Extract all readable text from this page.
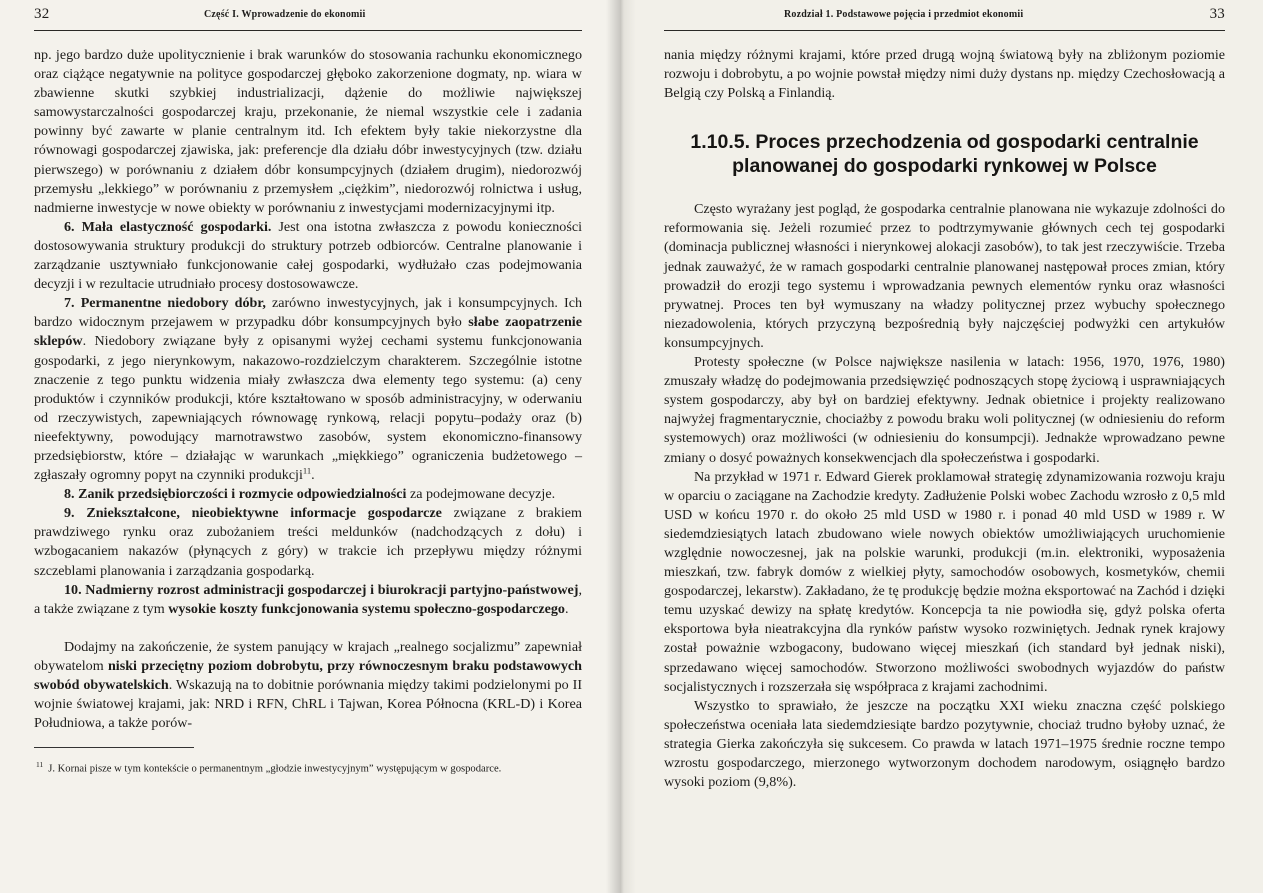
32	Część I. Wprowadzenie do ekonomii

np. jego bardzo duże upolitycznienie i brak warunków do stosowania rachunku ekonomicznego oraz ciążące negatywnie na polityce gospodarczej głęboko zakorzenione dogmaty, np. wiara w zbawienne skutki szybkiej industrializacji, dążenie do możliwie największej samowystarczalności gospodarczej kraju, przekonanie, że niemal wszystkie cele i zadania powinny być zawarte w planie centralnym itd. Ich efektem były takie niekorzystne dla równowagi gospodarczej zjawiska, jak: preferencje dla działu dóbr inwestycyjnych (tzw. działu pierwszego) w porównaniu z działem dóbr konsumpcyjnych (działem drugim), niedorozwój przemysłu „lekkiego” w porównaniu z przemysłem „ciężkim”, niedorozwój rolnictwa i usług, nadmierne inwestycje w nowe obiekty w porównaniu z inwestycjami modernizacyjnymi itp.

6. Mała elastyczność gospodarki. Jest ona istotna zwłaszcza z powodu konieczności dostosowywania struktury produkcji do struktury potrzeb odbiorców. Centralne planowanie i zarządzanie usztywniało funkcjonowanie całej gospodarki, wydłużało czas podejmowania decyzji i w rezultacie utrudniało procesy dostosowawcze.

7. Permanentne niedobory dóbr, zarówno inwestycyjnych, jak i konsumpcyjnych. Ich bardzo widocznym przejawem w przypadku dóbr konsumpcyjnych było słabe zaopatrzenie sklepów. Niedobory związane były z opisanymi wyżej cechami systemu funkcjonowania gospodarki, z jego nierynkowym, nakazowo-rozdzielczym charakterem. Szczególnie istotne znaczenie z tego punktu widzenia miały zwłaszcza dwa elementy tego systemu: (a) ceny produktów i czynników produkcji, które kształtowano w sposób administracyjny, w oderwaniu od rzeczywistych, zapewniających równowagę rynkową, relacji popytu–podaży oraz (b) nieefektywny, powodujący marnotrawstwo zasobów, system ekonomiczno-finansowy przedsiębiorstw, które – działając w warunkach „miękkiego” ograniczenia budżetowego – zgłaszały ogromny popyt na czynniki produkcji$^{11}$.

8. Zanik przedsiębiorczości i rozmycie odpowiedzialności za podejmowane decyzje.

9. Zniekształcone, nieobiektywne informacje gospodarcze związane z brakiem prawdziwego rynku oraz zubożaniem treści meldunków (nadchodzących z dołu) i wzbogacaniem nakazów (płynących z góry) w trakcie ich przepływu między różnymi szczeblami planowania i zarządzania gospodarką.

10. Nadmierny rozrost administracji gospodarczej i biurokracji partyjno-państwowej, a także związane z tym wysokie koszty funkcjonowania systemu społeczno-gospodarczego.

Dodajmy na zakończenie, że system panujący w krajach „realnego socjalizmu” zapewniał obywatelom niski przeciętny poziom dobrobytu, przy równoczesnym braku podstawowych swobód obywatelskich. Wskazują na to dobitnie porównania między takimi podzielonymi po II wojnie światowej krajami, jak: NRD i RFN, ChRL i Tajwan, Korea Północna (KRL-D) i Korea Południowa, a także porów-

$^{11}$ J. Kornai pisze w tym kontekście o permanentnym „głodzie inwestycyjnym” występującym w gospodarce.
Rozdział 1. Podstawowe pojęcia i przedmiot ekonomii	33

nania między różnymi krajami, które przed drugą wojną światową były na zbliżonym poziomie rozwoju i dobrobytu, a po wojnie powstał między nimi duży dystans np. między Czechosłowacją a Belgią czy Polską a Finlandią.

1.10.5. Proces przechodzenia od gospodarki centralnie
planowanej do gospodarki rynkowej w Polsce

Często wyrażany jest pogląd, że gospodarka centralnie planowana nie wykazuje zdolności do reformowania się. Jeżeli rozumieć przez to podtrzymywanie głównych cech tej gospodarki (dominacja publicznej własności i nierynkowej alokacji zasobów), to tak jest rzeczywiście. Trzeba jednak zauważyć, że w ramach gospodarki centralnie planowanej następował proces zmian, który prowadził do erozji tego systemu i wprowadzania pewnych elementów rynku oraz własności prywatnej. Proces ten był wymuszany na władzy politycznej przez wybuchy społecznego niezadowolenia, których przyczyną bezpośrednią były najczęściej podwyżki cen artykułów konsumpcyjnych.

Protesty społeczne (w Polsce największe nasilenia w latach: 1956, 1970, 1976, 1980) zmuszały władzę do podejmowania przedsięwzięć podnoszących stopę życiową i usprawniających system gospodarczy, aby był on bardziej efektywny. Jednak obietnice i projekty realizowano najwyżej fragmentarycznie, chociażby z powodu braku woli politycznej (w odniesieniu do reform systemowych) oraz możliwości (w odniesieniu do konsumpcji). Jednakże wprowadzano pewne zmiany o dosyć poważnych konsekwencjach dla społeczeństwa i gospodarki.

Na przykład w 1971 r. Edward Gierek proklamował strategię zdynamizowania rozwoju kraju w oparciu o zaciągane na Zachodzie kredyty. Zadłużenie Polski wobec Zachodu wzrosło z 0,5 mld USD w końcu 1970 r. do około 25 mld USD w 1980 r. i ponad 40 mld USD w 1989 r. W siedemdziesiątych latach zbudowano wiele nowych obiektów umożliwiających uruchomienie względnie nowoczesnej, jak na polskie warunki, produkcji (m.in. elektroniki, wyposażenia mieszkań, tzw. fabryk domów z wielkiej płyty, samochodów osobowych, kosmetyków, chemii gospodarczej, lekarstw). Zakładano, że tę produkcję będzie można eksportować na Zachód i dzięki temu uzyskać dewizy na spłatę kredytów. Koncepcja ta nie powiodła się, gdyż polska oferta eksportowa była nieatrakcyjna dla rynków państw wysoko rozwiniętych. Jednak rynek krajowy został poważnie wzbogacony, budowano więcej mieszkań (ich standard był jednak niski), sprzedawano więcej samochodów. Stworzono możliwości swobodnych wyjazdów do państw socjalistycznych i rozszerzała się współpraca z krajami zachodnimi.

Wszystko to sprawiało, że jeszcze na początku XXI wieku znaczna część polskiego społeczeństwa oceniała lata siedemdziesiąte bardzo pozytywnie, chociaż trudno byłoby uznać, że strategia Gierka zakończyła się sukcesem. Co prawda w latach 1971–1975 średnie roczne tempo wzrostu gospodarczego, mierzonego wytworzonym dochodem narodowym, osiągnęło bardzo wysoki poziom (9,8%).
